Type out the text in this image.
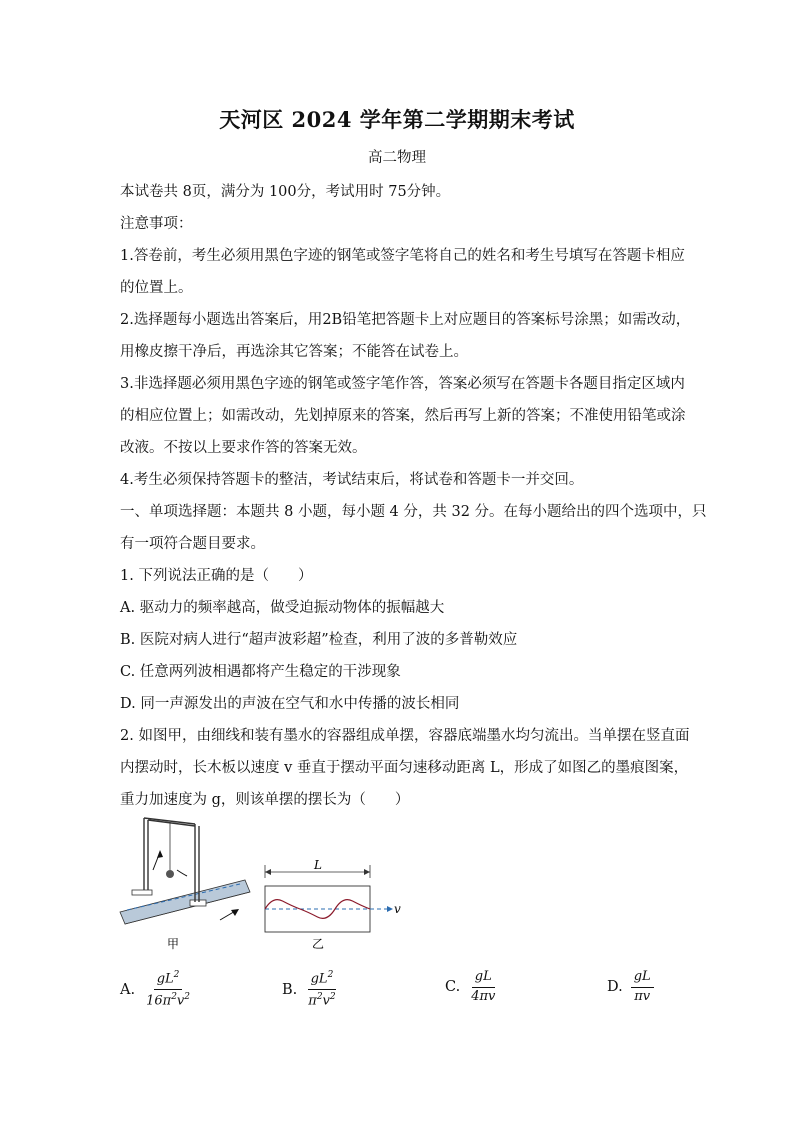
天河区 2024 学年第二学期期末考试
高二物理
本试卷共 8页，满分为 100分，考试用时 75分钟。
注意事项：
1.答卷前，考生必须用黑色字迹的钢笔或签字笔将自己的姓名和考生号填写在答题卡相应
的位置上。
2.选择题每小题选出答案后，用2B铅笔把答题卡上对应题目的答案标号涂黑；如需改动，
用橡皮擦干净后，再选涂其它答案；不能答在试卷上。
3.非选择题必须用黑色字迹的钢笔或签字笔作答，答案必须写在答题卡各题目指定区域内
的相应位置上；如需改动，先划掉原来的答案，然后再写上新的答案；不准使用铅笔或涂
改液。不按以上要求作答的答案无效。
4.考生必须保持答题卡的整洁，考试结束后，将试卷和答题卡一并交回。
一、单项选择题：本题共 8 小题，每小题 4 分，共 32 分。在每小题给出的四个选项中，只
有一项符合题目要求。
1. 下列说法正确的是（　　）
A. 驱动力的频率越高，做受迫振动物体的振幅越大
B. 医院对病人进行“超声波彩超”检查，利用了波的多普勒效应
C. 任意两列波相遇都将产生稳定的干涉现象
D. 同一声源发出的声波在空气和水中传播的波长相同
2. 如图甲，由细线和装有墨水的容器组成单摆，容器底端墨水均匀流出。当单摆在竖直面
内摆动时，长木板以速度 v 垂直于摆动平面匀速移动距离 L，形成了如图乙的墨痕图案，
重力加速度为 g，则该单摆的摆长为（　　）
甲
L
v
乙
A. $\frac{gL^2}{16\pi^2v^2}$	B. $\frac{gL^2}{\pi^2v^2}$	C. $\frac{gL}{4\pi v}$	D. $\frac{gL}{\pi v}$
